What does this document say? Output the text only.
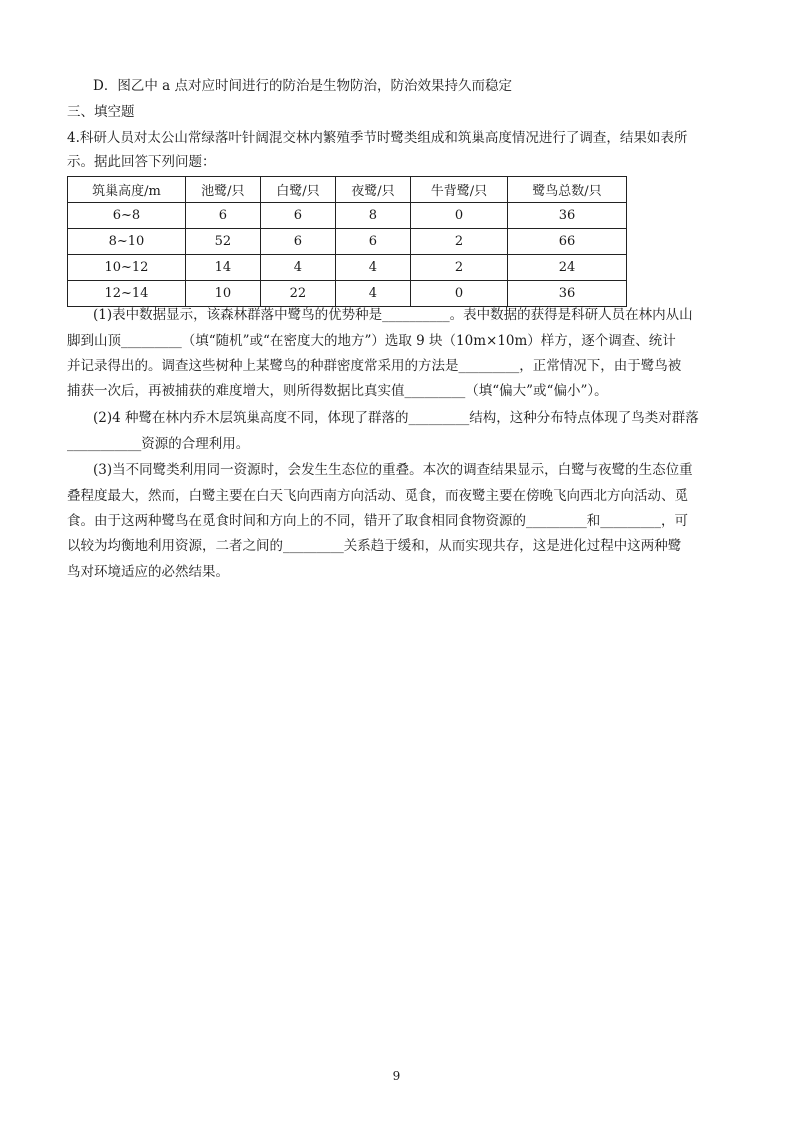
D．图乙中 a 点对应时间进行的防治是生物防治，防治效果持久而稳定
三、填空题
4.科研人员对太公山常绿落叶针阔混交林内繁殖季节时鹭类组成和筑巢高度情况进行了调查，结果如表所
示。据此回答下列问题：
筑巢高度/m	池鹭/只	白鹭/只	夜鹭/只	牛背鹭/只	鹭鸟总数/只
6~8	6	6	8	0	36
8~10	52	6	6	2	66
10~12	14	4	4	2	24
12~14	10	22	4	0	36
(1)表中数据显示，该森林群落中鹭鸟的优势种是__________。表中数据的获得是科研人员在林内从山
脚到山顶_________（填“随机”或“在密度大的地方”）选取 9 块（10m×10m）样方，逐个调查、统计
并记录得出的。调查这些树种上某鹭鸟的种群密度常采用的方法是_________，正常情况下，由于鹭鸟被
捕获一次后，再被捕获的难度增大，则所得数据比真实值_________（填“偏大”或“偏小”）。
(2)4 种鹭在林内乔木层筑巢高度不同，体现了群落的_________结构，这种分布特点体现了鸟类对群落
___________资源的合理利用。
(3)当不同鹭类利用同一资源时，会发生生态位的重叠。本次的调查结果显示，白鹭与夜鹭的生态位重
叠程度最大，然而，白鹭主要在白天飞向西南方向活动、觅食，而夜鹭主要在傍晚飞向西北方向活动、觅
食。由于这两种鹭鸟在觅食时间和方向上的不同，错开了取食相同食物资源的_________和_________，可
以较为均衡地利用资源，二者之间的_________关系趋于缓和，从而实现共存，这是进化过程中这两种鹭
鸟对环境适应的必然结果。
9
